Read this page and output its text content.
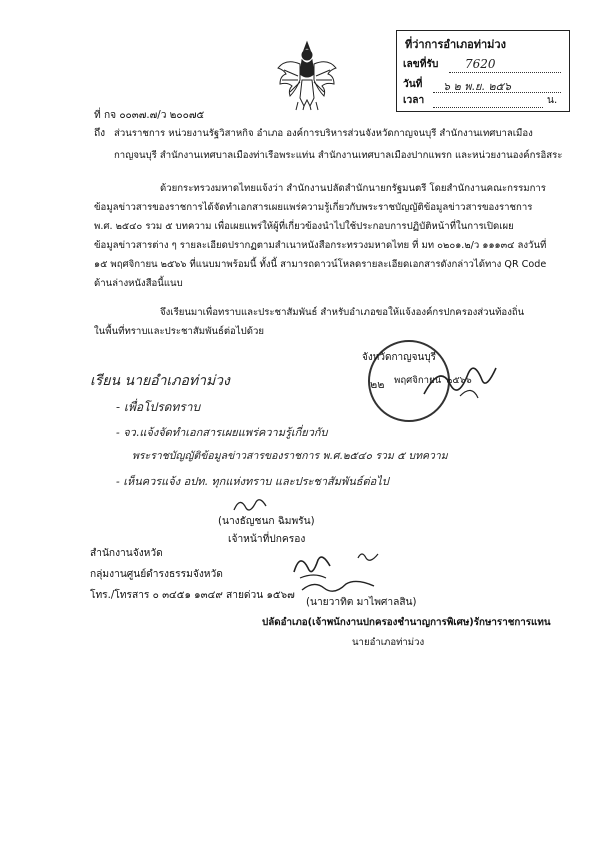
ที่ว่าการอำเภอท่าม่วง
เลขที่รับ 7620
วันที่ ๖ ๒ พ.ย. ๒๕๖
เวลา	น.
ที่ กจ ๐๐๓๗.๗/ว ๒๐๐๗๕
ถึง ส่วนราชการ หน่วยงานรัฐวิสาหกิจ อำเภอ องค์การบริหารส่วนจังหวัดกาญจนบุรี สำนักงานเทศบาลเมือง
กาญจนบุรี สำนักงานเทศบาลเมืองท่าเรือพระแท่น สำนักงานเทศบาลเมืองปากแพรก และหน่วยงานองค์กรอิสระ
ด้วยกระทรวงมหาดไทยแจ้งว่า สำนักงานปลัดสำนักนายกรัฐมนตรี โดยสำนักงานคณะกรรมการ
ข้อมูลข่าวสารของราชการได้จัดทำเอกสารเผยแพร่ความรู้เกี่ยวกับพระราชบัญญัติข้อมูลข่าวสารของราชการ
พ.ศ. ๒๕๔๐ รวม ๕ บทความ เพื่อเผยแพร่ให้ผู้ที่เกี่ยวข้องนำไปใช้ประกอบการปฏิบัติหน้าที่ในการเปิดเผย
ข้อมูลข่าวสารต่าง ๆ รายละเอียดปรากฏตามสำเนาหนังสือกระทรวงมหาดไทย ที่ มท ๐๒๐๑.๒/ว ๑๑๑๓๔ ลงวันที่
๑๕ พฤศจิกายน ๒๕๖๖ ที่แนบมาพร้อมนี้ ทั้งนี้ สามารถดาวน์โหลดรายละเอียดเอกสารดังกล่าวได้ทาง QR Code
ด้านล่างหนังสือนี้แนบ
จึงเรียนมาเพื่อทราบและประชาสัมพันธ์ สำหรับอำเภอขอให้แจ้งองค์กรปกครองส่วนท้องถิ่น
ในพื้นที่ทราบและประชาสัมพันธ์ต่อไปด้วย
จังหวัดกาญจนบุรี
๒๒ พฤศจิกายน ๒๕๖๖
เรียน นายอำเภอท่าม่วง
- เพื่อโปรดทราบ
- จว.แจ้งจัดทำเอกสารเผยแพร่ความรู้เกี่ยวกับ
พระราชบัญญัติข้อมูลข่าวสารของราชการ พ.ศ.๒๕๔๐ รวม ๕ บทความ
- เห็นควรแจ้ง อปท. ทุกแห่งทราบ และประชาสัมพันธ์ต่อไป
(นางธัญชนก ฉิมพรัน)
เจ้าหน้าที่ปกครอง
สำนักงานจังหวัด
กลุ่มงานศูนย์ดำรงธรรมจังหวัด
โทร./โทรสาร ๐ ๓๔๕๑ ๑๓๔๙ สายด่วน ๑๕๖๗
(นายวาทิต มาไพศาลสิน)
ปลัดอำเภอ(เจ้าพนักงานปกครองชำนาญการพิเศษ)รักษาราชการแทน
นายอำเภอท่าม่วง
